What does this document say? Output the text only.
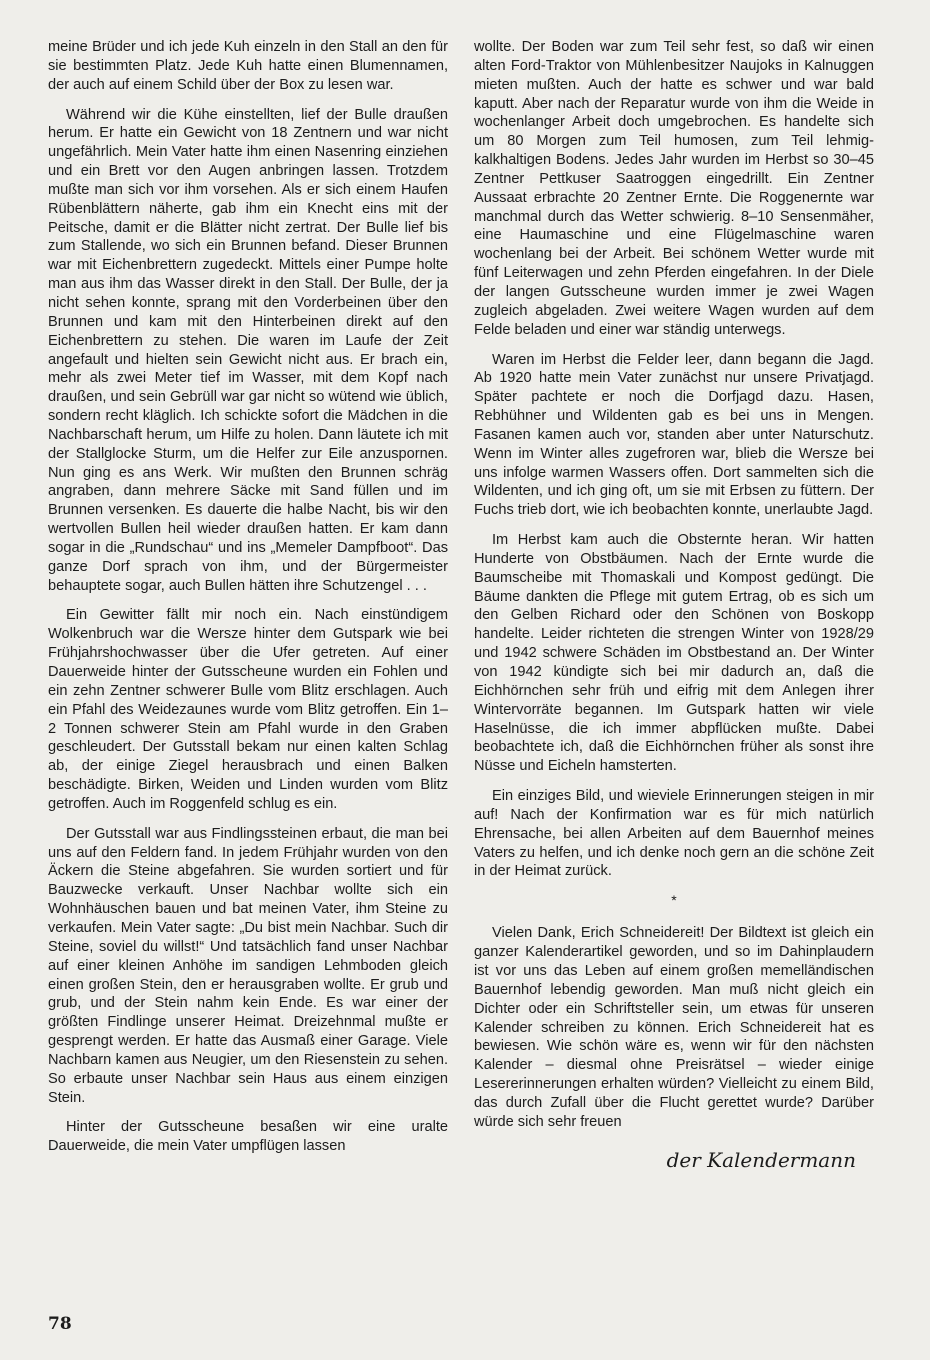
meine Brüder und ich jede Kuh einzeln in den Stall an den für sie bestimmten Platz. Jede Kuh hatte einen Blumennamen, der auch auf einem Schild über der Box zu lesen war.

Während wir die Kühe einstellten, lief der Bulle draußen herum. Er hatte ein Gewicht von 18 Zentnern und war nicht ungefährlich. Mein Vater hatte ihm einen Nasenring einziehen und ein Brett vor den Augen anbringen lassen. Trotzdem mußte man sich vor ihm vorsehen. Als er sich einem Haufen Rübenblättern näherte, gab ihm ein Knecht eins mit der Peitsche, damit er die Blätter nicht zertrat. Der Bulle lief bis zum Stallende, wo sich ein Brunnen befand. Dieser Brunnen war mit Eichenbrettern zugedeckt. Mittels einer Pumpe holte man aus ihm das Wasser direkt in den Stall. Der Bulle, der ja nicht sehen konnte, sprang mit den Vorderbeinen über den Brunnen und kam mit den Hinterbeinen direkt auf den Eichenbrettern zu stehen. Die waren im Laufe der Zeit angefault und hielten sein Gewicht nicht aus. Er brach ein, mehr als zwei Meter tief im Wasser, mit dem Kopf nach draußen, und sein Gebrüll war gar nicht so wütend wie üblich, sondern recht kläglich. Ich schickte sofort die Mädchen in die Nachbarschaft herum, um Hilfe zu holen. Dann läutete ich mit der Stallglocke Sturm, um die Helfer zur Eile anzuspornen. Nun ging es ans Werk. Wir mußten den Brunnen schräg angraben, dann mehrere Säcke mit Sand füllen und im Brunnen versenken. Es dauerte die halbe Nacht, bis wir den wertvollen Bullen heil wieder draußen hatten. Er kam dann sogar in die „Rundschau“ und ins „Memeler Dampfboot“. Das ganze Dorf sprach von ihm, und der Bürgermeister behauptete sogar, auch Bullen hätten ihre Schutzengel . . .

Ein Gewitter fällt mir noch ein. Nach einstündigem Wolkenbruch war die Wersze hinter dem Gutspark wie bei Frühjahrshochwasser über die Ufer getreten. Auf einer Dauerweide hinter der Gutsscheune wurden ein Fohlen und ein zehn Zentner schwerer Bulle vom Blitz erschlagen. Auch ein Pfahl des Weidezaunes wurde vom Blitz getroffen. Ein 1–2 Tonnen schwerer Stein am Pfahl wurde in den Graben geschleudert. Der Gutsstall bekam nur einen kalten Schlag ab, der einige Ziegel herausbrach und einen Balken beschädigte. Birken, Weiden und Linden wurden vom Blitz getroffen. Auch im Roggenfeld schlug es ein.

Der Gutsstall war aus Findlingssteinen erbaut, die man bei uns auf den Feldern fand. In jedem Frühjahr wurden von den Äckern die Steine abgefahren. Sie wurden sortiert und für Bauzwecke verkauft. Unser Nachbar wollte sich ein Wohnhäuschen bauen und bat meinen Vater, ihm Steine zu verkaufen. Mein Vater sagte: „Du bist mein Nachbar. Such dir Steine, soviel du willst!“ Und tatsächlich fand unser Nachbar auf einer kleinen Anhöhe im sandigen Lehmboden gleich einen großen Stein, den er herausgraben wollte. Er grub und grub, und der Stein nahm kein Ende. Es war einer der größten Findlinge unserer Heimat. Dreizehnmal mußte er gesprengt werden. Er hatte das Ausmaß einer Garage. Viele Nachbarn kamen aus Neugier, um den Riesenstein zu sehen. So erbaute unser Nachbar sein Haus aus einem einzigen Stein.

Hinter der Gutsscheune besaßen wir eine uralte Dauerweide, die mein Vater umpflügen lassen

wollte. Der Boden war zum Teil sehr fest, so daß wir einen alten Ford-Traktor von Mühlenbesitzer Naujoks in Kalnuggen mieten mußten. Auch der hatte es schwer und war bald kaputt. Aber nach der Reparatur wurde von ihm die Weide in wochenlanger Arbeit doch umgebrochen. Es handelte sich um 80 Morgen zum Teil humosen, zum Teil lehmig-kalkhaltigen Bodens. Jedes Jahr wurden im Herbst so 30–45 Zentner Pettkuser Saatroggen eingedrillt. Ein Zentner Aussaat erbrachte 20 Zentner Ernte. Die Roggenernte war manchmal durch das Wetter schwierig. 8–10 Sensenmäher, eine Haumaschine und eine Flügelmaschine waren wochenlang bei der Arbeit. Bei schönem Wetter wurde mit fünf Leiterwagen und zehn Pferden eingefahren. In der Diele der langen Gutsscheune wurden immer je zwei Wagen zugleich abgeladen. Zwei weitere Wagen wurden auf dem Felde beladen und einer war ständig unterwegs.

Waren im Herbst die Felder leer, dann begann die Jagd. Ab 1920 hatte mein Vater zunächst nur unsere Privatjagd. Später pachtete er noch die Dorfjagd dazu. Hasen, Rebhühner und Wildenten gab es bei uns in Mengen. Fasanen kamen auch vor, standen aber unter Naturschutz. Wenn im Winter alles zugefroren war, blieb die Wersze bei uns infolge warmen Wassers offen. Dort sammelten sich die Wildenten, und ich ging oft, um sie mit Erbsen zu füttern. Der Fuchs trieb dort, wie ich beobachten konnte, unerlaubte Jagd.

Im Herbst kam auch die Obsternte heran. Wir hatten Hunderte von Obstbäumen. Nach der Ernte wurde die Baumscheibe mit Thomaskali und Kompost gedüngt. Die Bäume dankten die Pflege mit gutem Ertrag, ob es sich um den Gelben Richard oder den Schönen von Boskopp handelte. Leider richteten die strengen Winter von 1928/29 und 1942 schwere Schäden im Obstbestand an. Der Winter von 1942 kündigte sich bei mir dadurch an, daß die Eichhörnchen sehr früh und eifrig mit dem Anlegen ihrer Wintervorräte begannen. Im Gutspark hatten wir viele Haselnüsse, die ich immer abpflücken mußte. Dabei beobachtete ich, daß die Eichhörnchen früher als sonst ihre Nüsse und Eicheln hamsterten.

Ein einziges Bild, und wieviele Erinnerungen steigen in mir auf! Nach der Konfirmation war es für mich natürlich Ehrensache, bei allen Arbeiten auf dem Bauernhof meines Vaters zu helfen, und ich denke noch gern an die schöne Zeit in der Heimat zurück.

*

Vielen Dank, Erich Schneidereit! Der Bildtext ist gleich ein ganzer Kalenderartikel geworden, und so im Dahinplaudern ist vor uns das Leben auf einem großen memelländischen Bauernhof lebendig geworden. Man muß nicht gleich ein Dichter oder ein Schriftsteller sein, um etwas für unseren Kalender schreiben zu können. Erich Schneidereit hat es bewiesen. Wie schön wäre es, wenn wir für den nächsten Kalender – diesmal ohne Preisrätsel – wieder einige Lesererinnerungen erhalten würden? Vielleicht zu einem Bild, das durch Zufall über die Flucht gerettet wurde? Darüber würde sich sehr freuen

der Kalendermann
78
